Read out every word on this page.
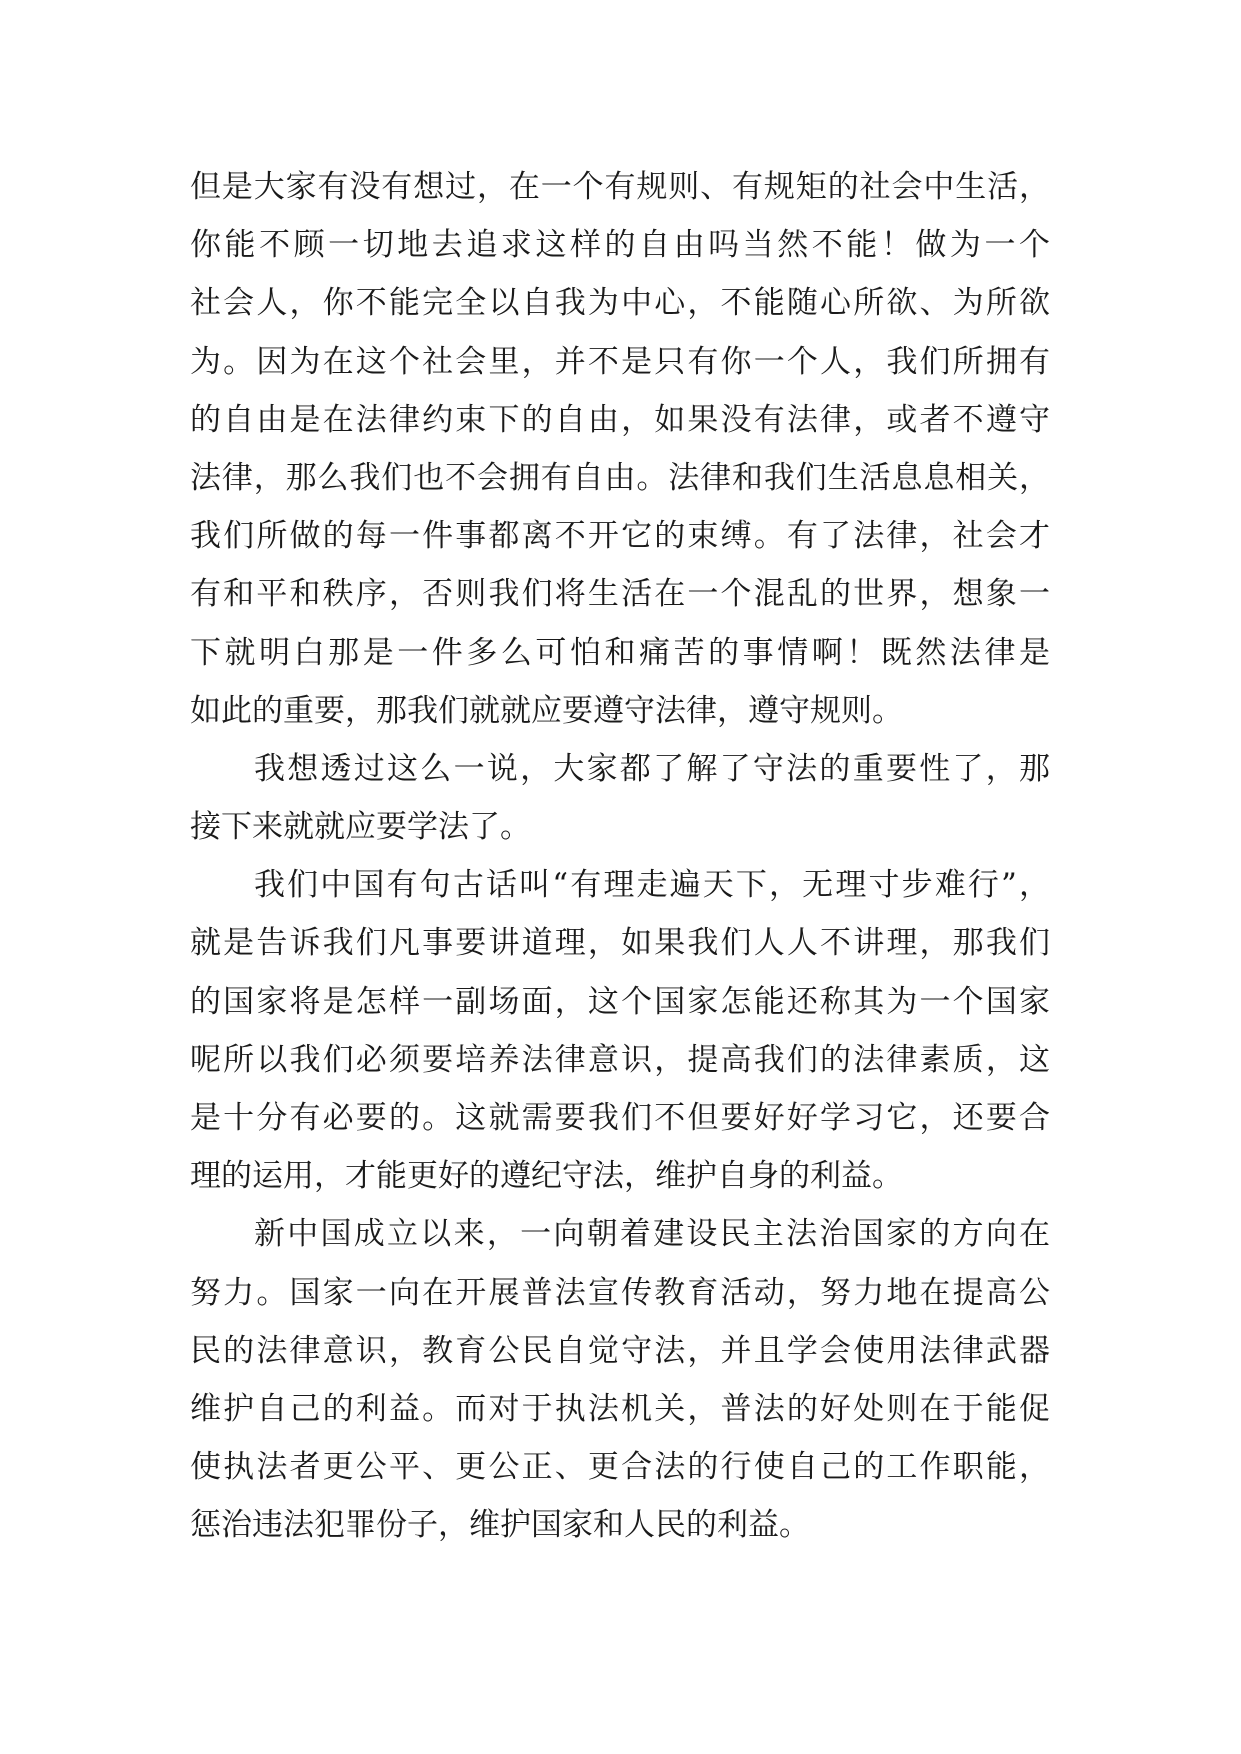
但是大家有没有想过，在一个有规则、有规矩的社会中生活，
你能不顾一切地去追求这样的自由吗当然不能！做为一个
社会人，你不能完全以自我为中心，不能随心所欲、为所欲
为。因为在这个社会里，并不是只有你一个人，我们所拥有
的自由是在法律约束下的自由，如果没有法律，或者不遵守
法律，那么我们也不会拥有自由。法律和我们生活息息相关，
我们所做的每一件事都离不开它的束缚。有了法律，社会才
有和平和秩序，否则我们将生活在一个混乱的世界，想象一
下就明白那是一件多么可怕和痛苦的事情啊！既然法律是
如此的重要，那我们就就应要遵守法律，遵守规则。
我想透过这么一说，大家都了解了守法的重要性了，那
接下来就就应要学法了。
我们中国有句古话叫“有理走遍天下，无理寸步难行”，
就是告诉我们凡事要讲道理，如果我们人人不讲理，那我们
的国家将是怎样一副场面，这个国家怎能还称其为一个国家
呢所以我们必须要培养法律意识，提高我们的法律素质，这
是十分有必要的。这就需要我们不但要好好学习它，还要合
理的运用，才能更好的遵纪守法，维护自身的利益。
新中国成立以来，一向朝着建设民主法治国家的方向在
努力。国家一向在开展普法宣传教育活动，努力地在提高公
民的法律意识，教育公民自觉守法，并且学会使用法律武器
维护自己的利益。而对于执法机关，普法的好处则在于能促
使执法者更公平、更公正、更合法的行使自己的工作职能，
惩治违法犯罪份子，维护国家和人民的利益。
